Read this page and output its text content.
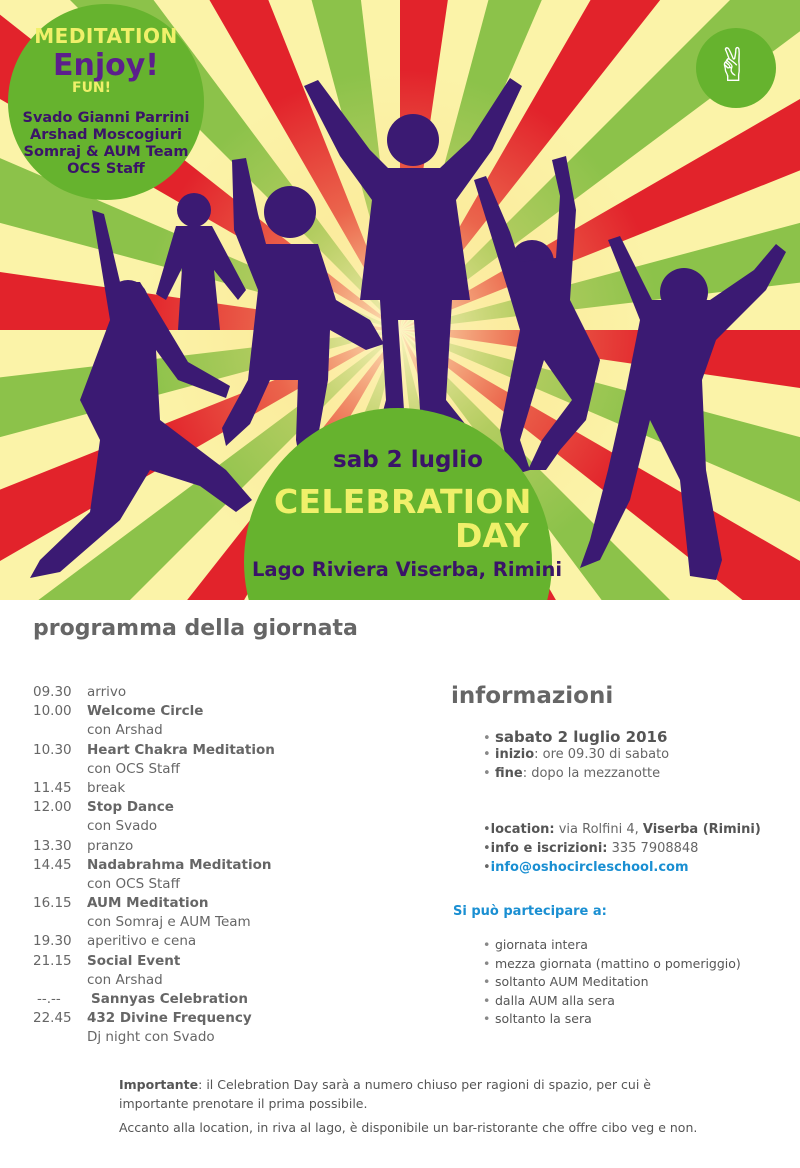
MEDITATION
Enjoy!
FUN!
Svado Gianni Parrini
Arshad Moscogiuri
Somraj & AUM Team
OCS Staff
✌
sab 2 luglio
CELEBRATION
DAY
Lago Riviera Viserba, Rimini
programma della giornata
09.30 arrivo
10.00 Welcome Circle
con Arshad
10.30 Heart Chakra Meditation
con OCS Staff
11.45 break
12.00 Stop Dance
con Svado
13.30 pranzo
14.45 Nadabrahma Meditation
con OCS Staff
16.15 AUM Meditation
con Somraj e AUM Team
19.30 aperitivo e cena
21.15 Social Event
con Arshad
--.-- Sannyas Celebration
22.45 432 Divine Frequency
Dj night con Svado
informazioni
• sabato 2 luglio 2016
• inizio: ore 09.30 di sabato
• fine: dopo la mezzanotte
•location: via Rolfini 4, Viserba (Rimini)
•info e iscrizioni: 335 7908848
•info@oshocircleschool.com
Si può partecipare a:
• giornata intera
• mezza giornata (mattino o pomeriggio)
• soltanto AUM Meditation
• dalla AUM alla sera
• soltanto la sera
Importante: il Celebration Day sarà a numero chiuso per ragioni di spazio, per cui è importante prenotare il prima possibile.
Accanto alla location, in riva al lago, è disponibile un bar-ristorante che offre cibo veg e non.
